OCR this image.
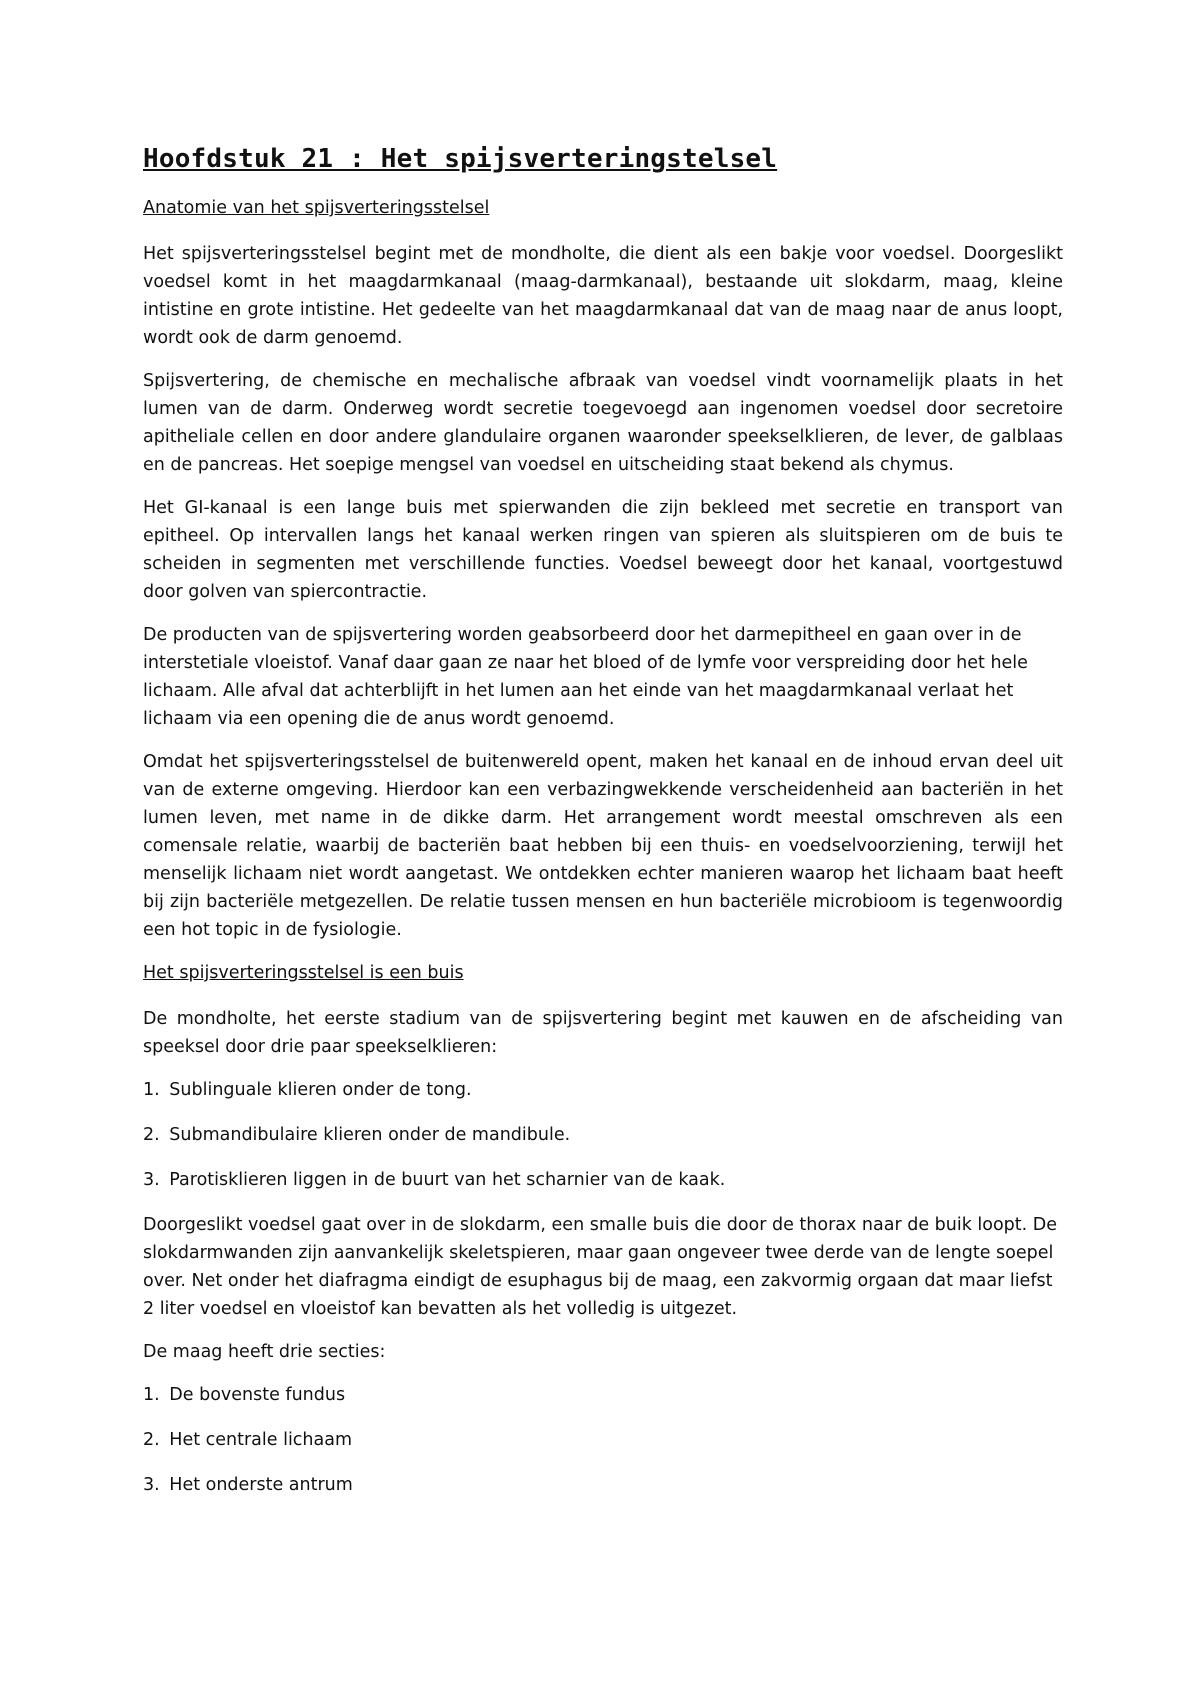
Hoofdstuk 21 : Het spijsverteringstelsel
Anatomie van het spijsverteringsstelsel

Het spijsverteringsstelsel begint met de mondholte, die dient als een bakje voor voedsel. Doorgeslikt voedsel komt in het maagdarmkanaal (maag-darmkanaal), bestaande uit slokdarm, maag, kleine intistine en grote intistine. Het gedeelte van het maagdarmkanaal dat van de maag naar de anus loopt, wordt ook de darm genoemd.

Spijsvertering, de chemische en mechalische afbraak van voedsel vindt voornamelijk plaats in het lumen van de darm. Onderweg wordt secretie toegevoegd aan ingenomen voedsel door secretoire apitheliale cellen en door andere glandulaire organen waaronder speekselklieren, de lever, de galblaas en de pancreas. Het soepige mengsel van voedsel en uitscheiding staat bekend als chymus.

Het GI-kanaal is een lange buis met spierwanden die zijn bekleed met secretie en transport van epitheel. Op intervallen langs het kanaal werken ringen van spieren als sluitspieren om de buis te scheiden in segmenten met verschillende functies. Voedsel beweegt door het kanaal, voortgestuwd door golven van spiercontractie.

De producten van de spijsvertering worden geabsorbeerd door het darmepitheel en gaan over in de interstetiale vloeistof. Vanaf daar gaan ze naar het bloed of de lymfe voor verspreiding door het hele lichaam. Alle afval dat achterblijft in het lumen aan het einde van het maagdarmkanaal verlaat het lichaam via een opening die de anus wordt genoemd.

Omdat het spijsverteringsstelsel de buitenwereld opent, maken het kanaal en de inhoud ervan deel uit van de externe omgeving. Hierdoor kan een verbazingwekkende verscheidenheid aan bacteriën in het lumen leven, met name in de dikke darm. Het arrangement wordt meestal omschreven als een comensale relatie, waarbij de bacteriën baat hebben bij een thuis- en voedselvoorziening, terwijl het menselijk lichaam niet wordt aangetast. We ontdekken echter manieren waarop het lichaam baat heeft bij zijn bacteriële metgezellen. De relatie tussen mensen en hun bacteriële microbioom is tegenwoordig een hot topic in de fysiologie.

Het spijsverteringsstelsel is een buis

De mondholte, het eerste stadium van de spijsvertering begint met kauwen en de afscheiding van speeksel door drie paar speekselklieren:

1. Sublinguale klieren onder de tong.
2. Submandibulaire klieren onder de mandibule.
3. Parotisklieren liggen in de buurt van het scharnier van de kaak.

Doorgeslikt voedsel gaat over in de slokdarm, een smalle buis die door de thorax naar de buik loopt. De slokdarmwanden zijn aanvankelijk skeletspieren, maar gaan ongeveer twee derde van de lengte soepel over. Net onder het diafragma eindigt de esuphagus bij de maag, een zakvormig orgaan dat maar liefst 2 liter voedsel en vloeistof kan bevatten als het volledig is uitgezet.

De maag heeft drie secties:

1. De bovenste fundus
2. Het centrale lichaam
3. Het onderste antrum
